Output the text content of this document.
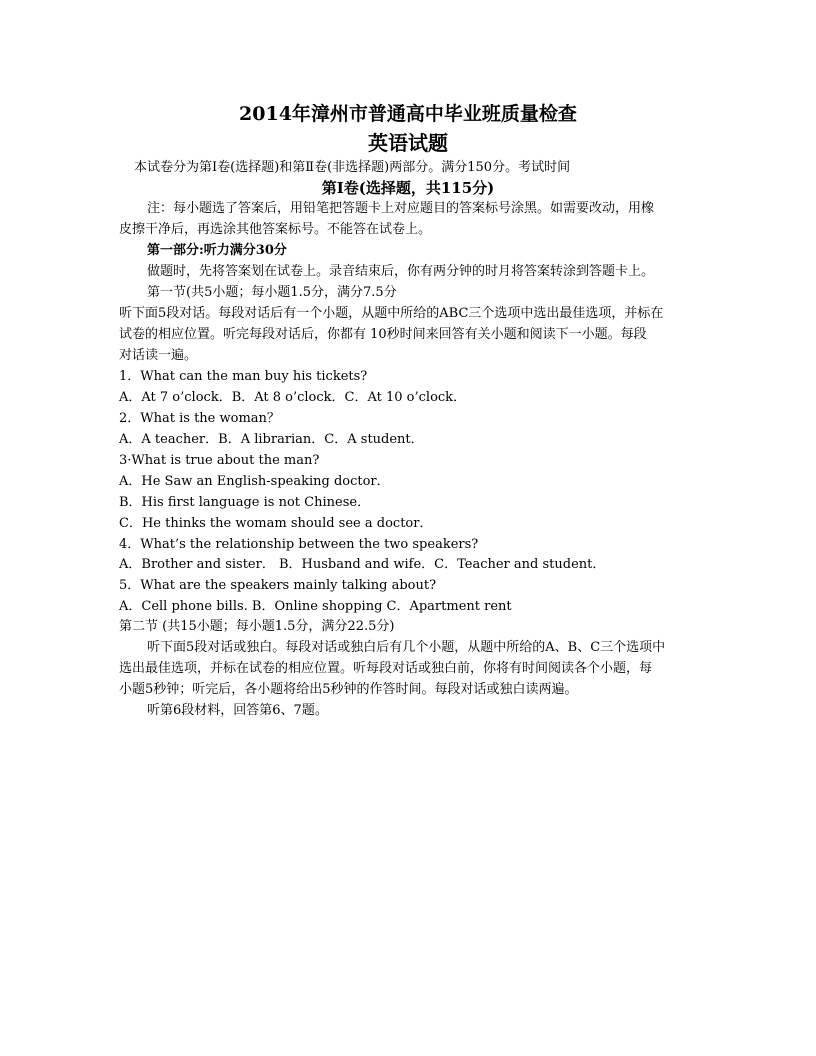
2014年漳州市普通高中毕业班质量检查
英语试题
本试卷分为第Ⅰ卷(选择题)和第Ⅱ卷(非选择题)两部分。满分150分。考试时间
第Ⅰ卷(选择题，共115分)
注：每小题选了答案后，用铅笔把答题卡上对应题目的答案标号涂黑。如需要改动，用橡
皮擦干净后，再选涂其他答案标号。不能答在试卷上。
第一部分:听力满分30分
做题时，先将答案划在试卷上。录音结束后，你有两分钟的时月将答案转涂到答题卡上。
第一节(共5小题；每小题1.5分，满分7.5分
听下面5段对话。每段对话后有一个小题，从题中所给的ABC三个选项中选出最佳选项，并标在
试卷的相应位置。听完每段对话后，你都有 10秒时间来回答有关小题和阅读下一小题。每段
对话读一遍。
1．What can the man buy his tickets?
A．At 7 o’clock．B．At 8 o’clock．C．At 10 o’clock．
2．What is the woman？
A．A teacher．B．A librarian．C．A student．
3·What is true about the man?
A．He Saw an English-speaking doctor．
B．His first language is not Chinese．
C．He thinks the womam should see a doctor．
4．What’s the relationship between the two speakers?
A．Brother and sister． B．Husband and wife．C．Teacher and student．
5．What are the speakers mainly talking about?
A．Cell phone bills. B．Online shopping C．Apartment rent
第二节 (共15小题；每小题1.5分，满分22.5分)
听下面5段对话或独白。每段对话或独白后有几个小题，从题中所给的A、B、C三个选项中
选出最佳选项，并标在试卷的相应位置。听每段对话或独白前，你将有时间阅读各个小题，每
小题5秒钟；听完后，各小题将给出5秒钟的作答时间。每段对话或独白读两遍。
听第6段材料，回答第6、7题。
